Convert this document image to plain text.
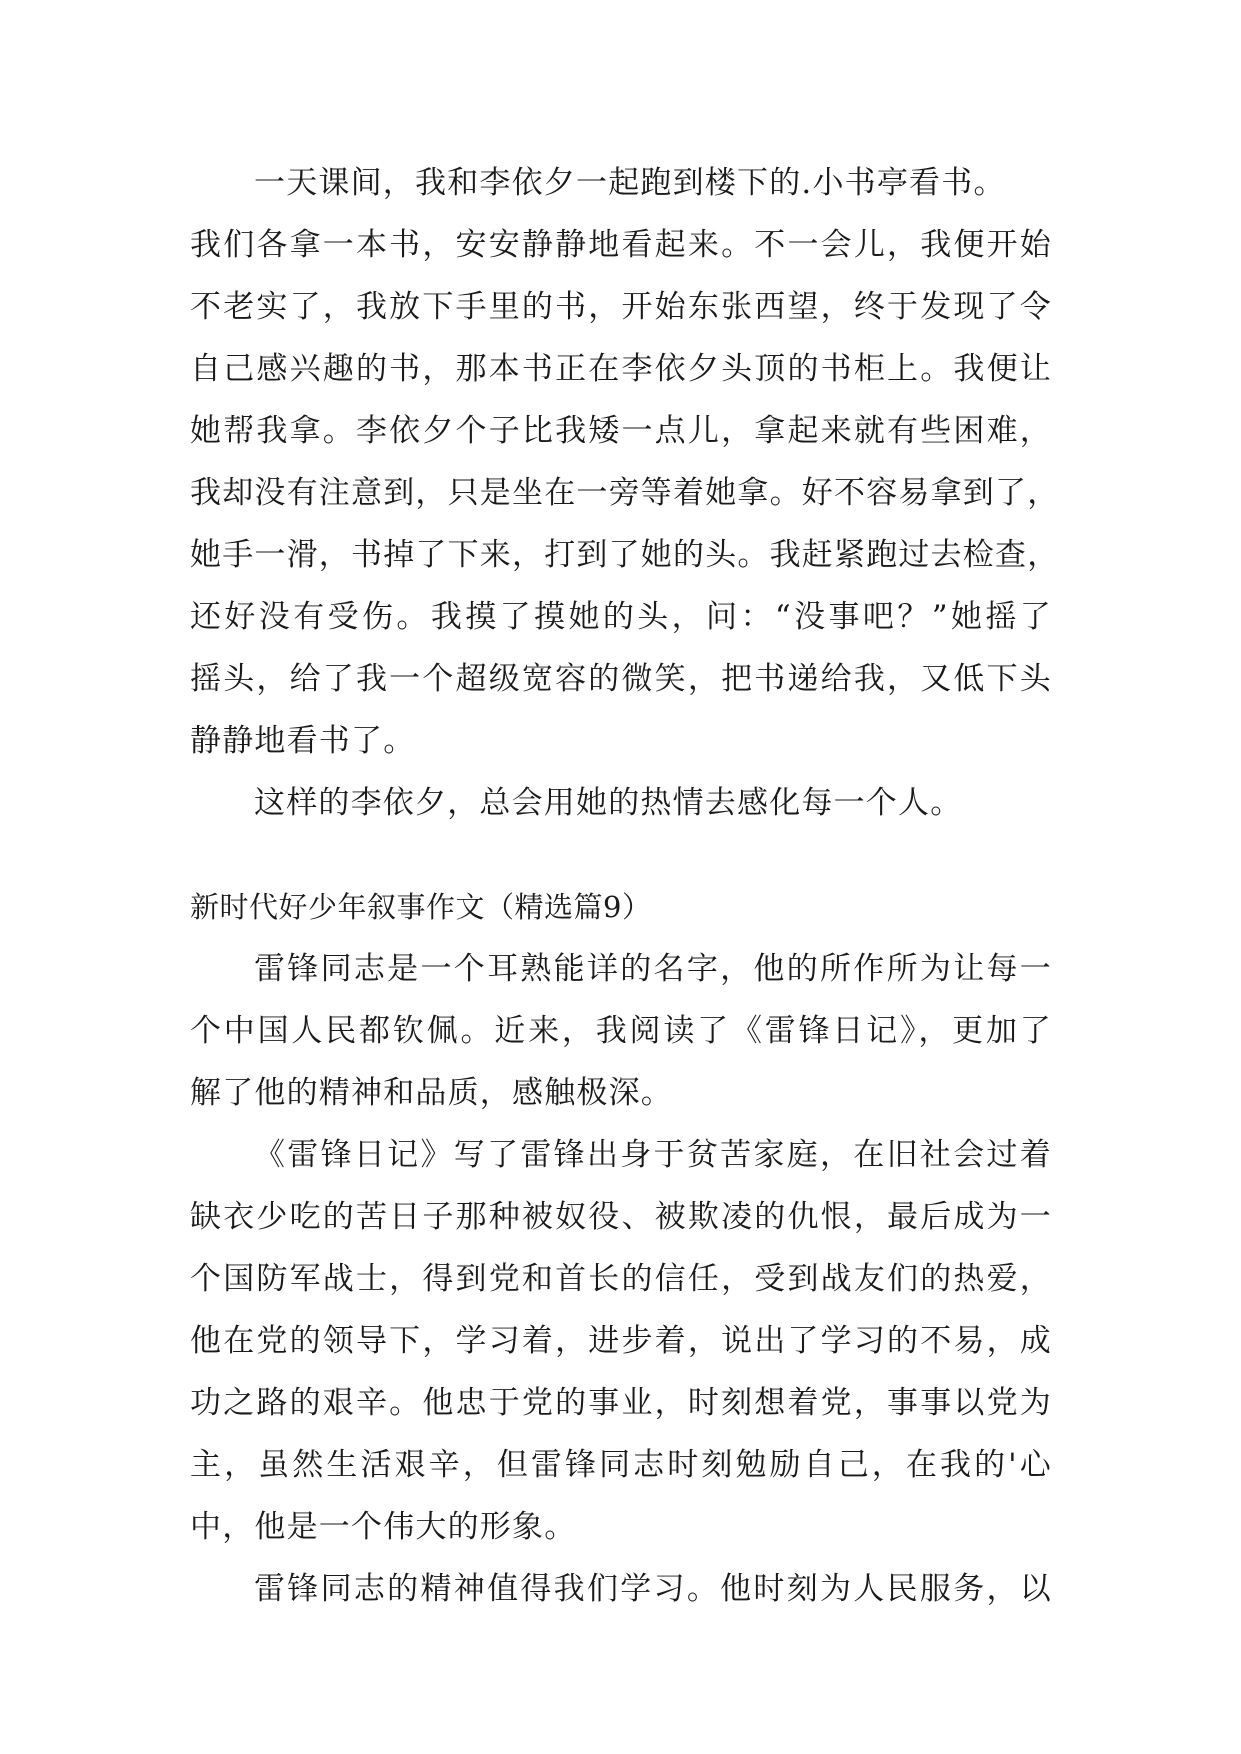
一天课间，我和李依夕一起跑到楼下的.小书亭看书。
我们各拿一本书，安安静静地看起来。不一会儿，我便开始
不老实了，我放下手里的书，开始东张西望，终于发现了令
自己感兴趣的书，那本书正在李依夕头顶的书柜上。我便让
她帮我拿。李依夕个子比我矮一点儿，拿起来就有些困难，
我却没有注意到，只是坐在一旁等着她拿。好不容易拿到了，
她手一滑，书掉了下来，打到了她的头。我赶紧跑过去检查，
还好没有受伤。我摸了摸她的头，问：“没事吧？”她摇了
摇头，给了我一个超级宽容的微笑，把书递给我，又低下头
静静地看书了。
这样的李依夕，总会用她的热情去感化每一个人。
新时代好少年叙事作文（精选篇9）
雷锋同志是一个耳熟能详的名字，他的所作所为让每一
个中国人民都钦佩。近来，我阅读了《雷锋日记》，更加了
解了他的精神和品质，感触极深。
《雷锋日记》写了雷锋出身于贫苦家庭，在旧社会过着
缺衣少吃的苦日子那种被奴役、被欺凌的仇恨，最后成为一
个国防军战士，得到党和首长的信任，受到战友们的热爱，
他在党的领导下，学习着，进步着，说出了学习的不易，成
功之路的艰辛。他忠于党的事业，时刻想着党，事事以党为
主，虽然生活艰辛，但雷锋同志时刻勉励自己，在我的'心
中，他是一个伟大的形象。
雷锋同志的精神值得我们学习。他时刻为人民服务，以
